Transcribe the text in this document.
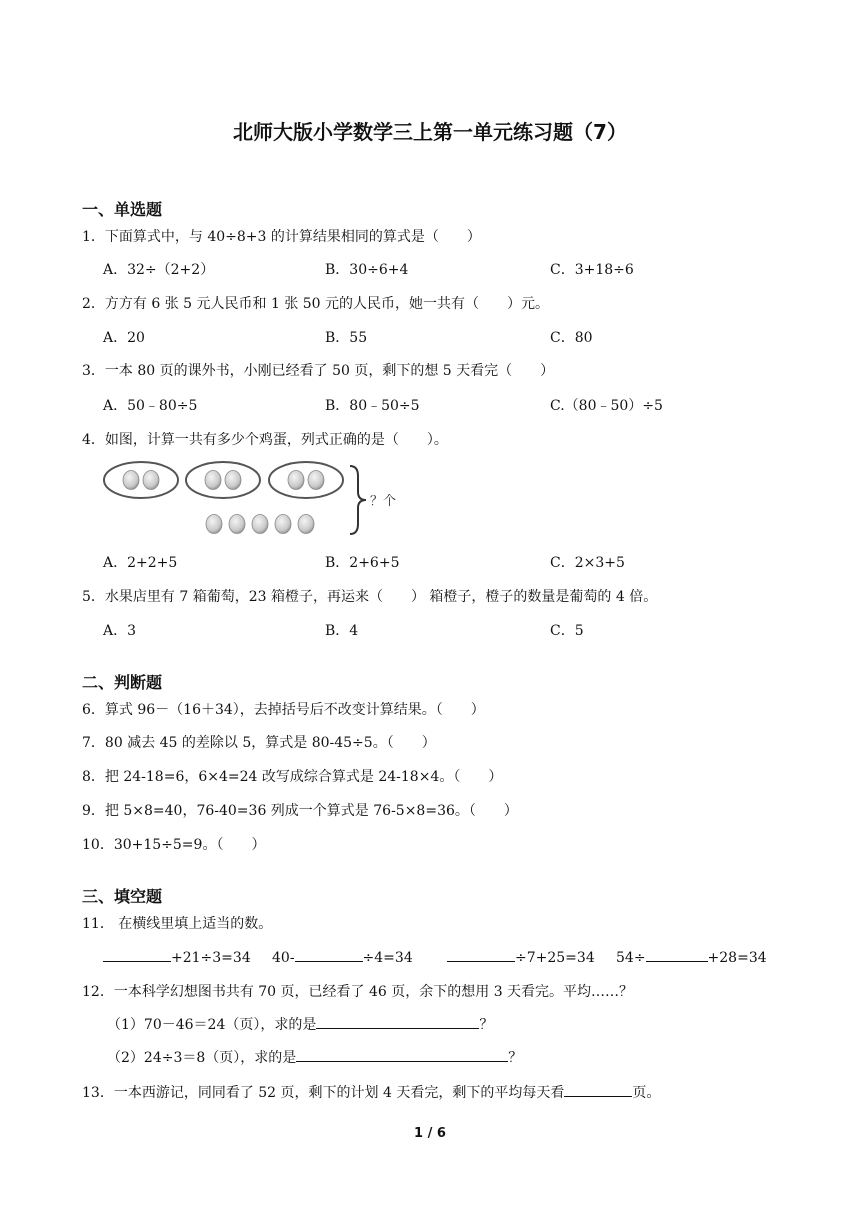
北师大版小学数学三上第一单元练习题（7）
一、单选题
1．下面算式中，与 40÷8+3 的计算结果相同的算式是（　　）
A．32÷（2+2）	B．30÷6+4	C．3+18÷6
2．方方有 6 张 5 元人民币和 1 张 50 元的人民币，她一共有（　　）元。
A．20	B．55	C．80
3．一本 80 页的课外书，小刚已经看了 50 页，剩下的想 5 天看完（　　）
A．50﹣80÷5	B．80﹣50÷5	C.（80﹣50）÷5
4．如图，计算一共有多少个鸡蛋，列式正确的是（　　）。
？个
A．2+2+5	B．2+6+5	C．2×3+5
5．水果店里有 7 箱葡萄，23 箱橙子，再运来（　　） 箱橙子，橙子的数量是葡萄的 4 倍。
A．3	B．4	C．5
二、判断题
6．算式 96－（16＋34），去掉括号后不改变计算结果。（　　）
7．80 减去 45 的差除以 5，算式是 80-45÷5。（　　）
8．把 24-18=6，6×4=24 改写成综合算式是 24-18×4。（　　）
9．把 5×8=40，76-40=36 列成一个算式是 76-5×8=36。（　　）
10．30+15÷5=9。（　　）
三、填空题
11． 在横线里填上适当的数。
+21÷3=34 40-	÷4=34	÷7+25=34 54÷	+28=34
12．一本科学幻想图书共有 70 页，已经看了 46 页，余下的想用 3 天看完。平均……？
（1）70－46＝24（页），求的是	？
（2）24÷3＝8（页），求的是	？
13．一本西游记，同同看了 52 页，剩下的计划 4 天看完，剩下的平均每天看	页。
1 / 6
